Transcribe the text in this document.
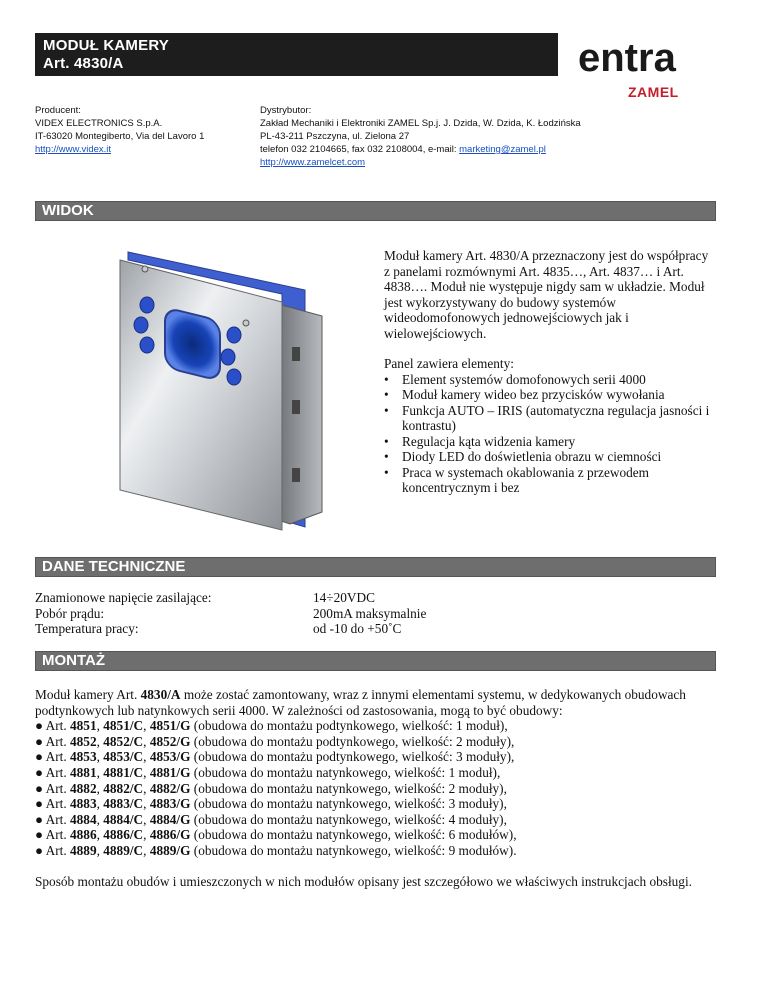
MODUŁ KAMERY
Art. 4830/A	entra
ZAMEL
Producent:
VIDEX ELECTRONICS S.p.A.
IT-63020 Montegiberto, Via del Lavoro 1
http://www.videx.it
Dystrybutor:
Zakład Mechaniki i Elektroniki ZAMEL Sp.j. J. Dzida, W. Dzida, K. Łodzińska
PL-43-211 Pszczyna, ul. Zielona 27
telefon 032 2104665, fax 032 2108004, e-mail: marketing@zamel.pl
http://www.zamelcet.com
WIDOK
Moduł kamery Art. 4830/A przeznaczony jest do współpracy z panelami rozmównymi Art. 4835…, Art. 4837… i Art. 4838…. Moduł nie występuje nigdy sam w układzie. Moduł jest wykorzystywany do budowy systemów wideodomofonowych jednowejściowych jak i wielowejściowych.
Panel zawiera elementy:
• Element systemów domofonowych serii 4000
• Moduł kamery wideo bez przycisków wywołania
• Funkcja AUTO – IRIS (automatyczna regulacja jasności i kontrastu)
• Regulacja kąta widzenia kamery
• Diody LED do doświetlenia obrazu w ciemności
• Praca w systemach okablowania z przewodem koncentrycznym i bez
DANE TECHNICZNE
Znamionowe napięcie zasilające:
Pobór prądu:
Temperatura pracy:
14÷20VDC
200mA maksymalnie
od -10 do +50˚C
MONTAŻ
Moduł kamery Art. 4830/A może zostać zamontowany, wraz z innymi elementami systemu, w dedykowanych obudowach podtynkowych lub natynkowych serii 4000. W zależności od zastosowania, mogą to być obudowy:
● Art. 4851, 4851/C, 4851/G (obudowa do montażu podtynkowego, wielkość: 1 moduł),
● Art. 4852, 4852/C, 4852/G (obudowa do montażu podtynkowego, wielkość: 2 moduły),
● Art. 4853, 4853/C, 4853/G (obudowa do montażu podtynkowego, wielkość: 3 moduły),
● Art. 4881, 4881/C, 4881/G (obudowa do montażu natynkowego, wielkość: 1 moduł),
● Art. 4882, 4882/C, 4882/G (obudowa do montażu natynkowego, wielkość: 2 moduły),
● Art. 4883, 4883/C, 4883/G (obudowa do montażu natynkowego, wielkość: 3 moduły),
● Art. 4884, 4884/C, 4884/G (obudowa do montażu natynkowego, wielkość: 4 moduły),
● Art. 4886, 4886/C, 4886/G (obudowa do montażu natynkowego, wielkość: 6 modułów),
● Art. 4889, 4889/C, 4889/G (obudowa do montażu natynkowego, wielkość: 9 modułów).
Sposób montażu obudów i umieszczonych w nich modułów opisany jest szczegółowo we właściwych instrukcjach obsługi.
